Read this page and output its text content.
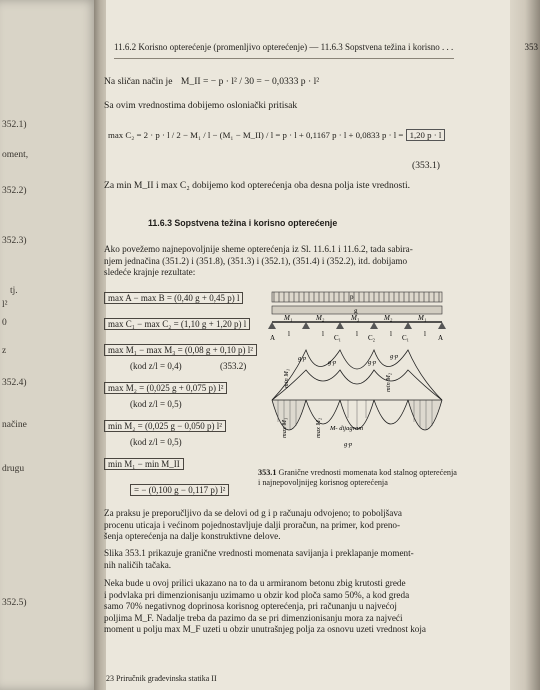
352.1)
oment,
352.2)
352.3)
tj.
l²
0
z
352.4)
načine
drugu
352.5)
11.6.2 Korisno opterećenje (promenljivo opterećenje) — 11.6.3 Sopstvena težina i korisno . . .	353
Na sličan način je M_II = − p · l² / 30 = − 0,0333 p · l²
Sa ovim vrednostima dobijemo osloniački pritisak
max C₂ = 2 · p · l / 2 − M₁ / l − (M₁ − M_II) / l = p · l + 0,1167 p · l + 0,0833 p · l = 1,20 p · l
(353.1)
Za min M_II i max C₂ dobijemo kod opterećenja oba desna polja iste vrednosti.
11.6.3 Sopstvena težina i korisno opterećenje
Ako povežemo najnepovoljnije sheme opterećenja iz Sl. 11.6.1 i 11.6.2, tada sabira-
njem jednačina (351.2) i (351.8), (351.3) i (352.1), (351.4) i (352.2), itd. dobijamo
sledeće krajnje rezultate:
max A − max B = (0,40 g + 0,45 p) l
max C₁ − max C₂ = (1,10 g + 1,20 p) l
max M₁ − max M₃ = (0,08 g + 0,10 p) l²
(kod z/l = 0,4)	(353.2)
max M₂ = (0,025 g + 0,075 p) l²
(kod z/l = 0,5)
min M₂ = (0,025 g − 0,050 p) l²
(kod z/l = 0,5)
min M₁ − min M_II
= − (0,100 g − 0,117 p) l²
p
g
M₁	M₂	M₃	M₂	M₁
A	C₁	C₂	C₁	A
l	l	l	l	l
g·p
g·p	g·p
g·p
g·p
M- dijagram
min M₁
max M₁	max M₂
min M₂
353.1 Granične vrednosti momenata kod stalnog opterećenja i najnepovoljnijeg korisnog opterećenja
Za praksu je preporučljivo da se delovi od g i p računaju odvojeno; to poboljšava
procenu uticaja i većinom pojednostavljuje dalji proračun, na primer, kod preno-
šenja opterećenja na dalje konstruktivne delove.
Slika 353.1 prikazuje granične vrednosti momenata savijanja i preklapanje moment-
nih naličih tačaka.
Neka bude u ovoj prilici ukazano na to da u armiranom betonu zbig krutosti grede
i podvlaka pri dimenzionisanju uzimamo u obzir kod ploča samo 50%, a kod greda
samo 70% negativnog doprinosa korisnog opterećenja, pri računanju u najvećoj
poljima M_F. Nadalje treba da pazimo da se pri dimenzionisanju mora za najveći
moment u polju max M_F uzeti u obzir unutrašnjeg polja za osnovu uzeti vrednost koja
23 Priručnik građevinska statika II
